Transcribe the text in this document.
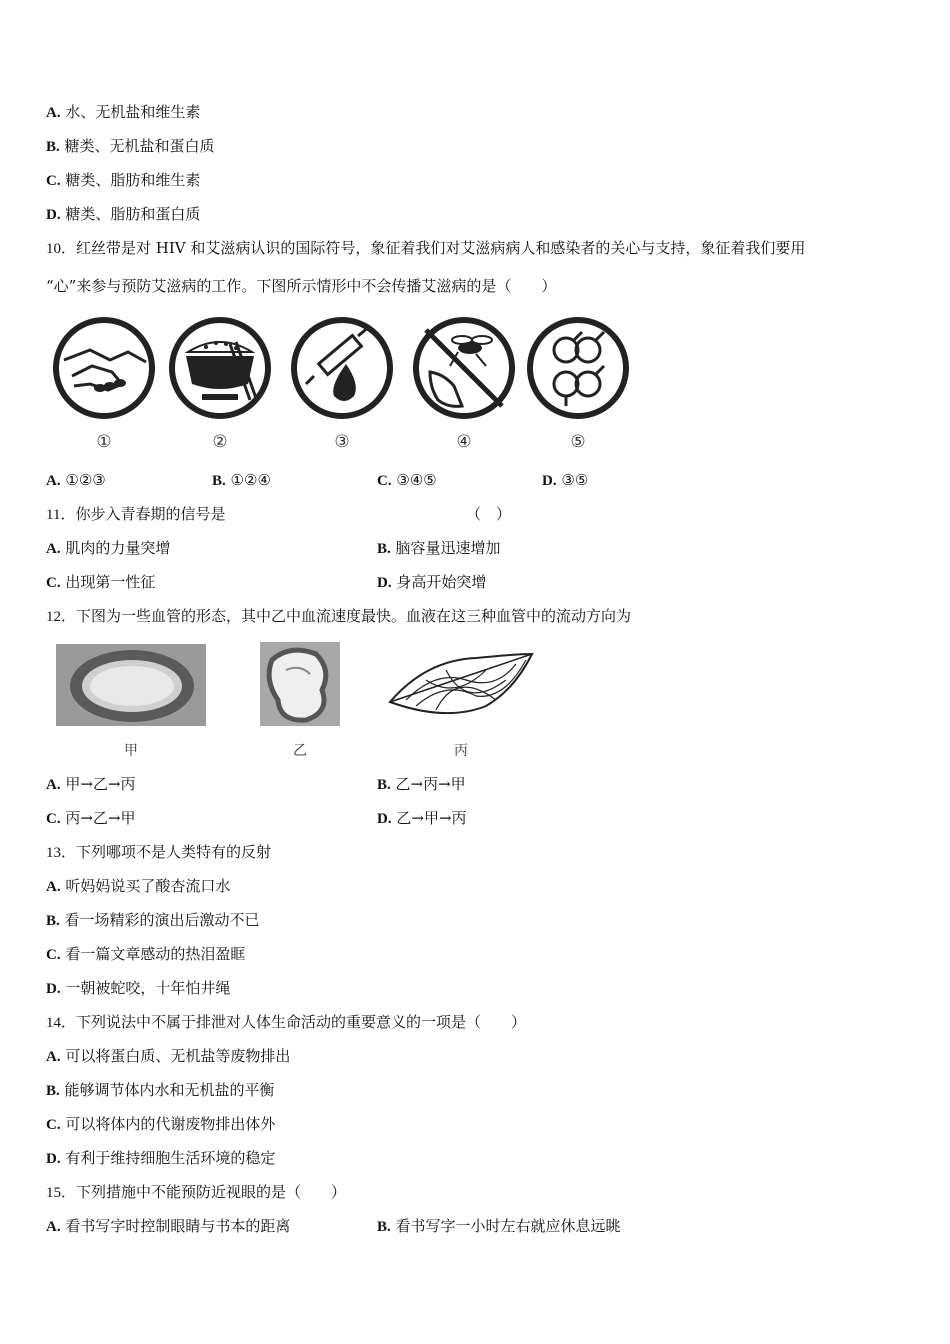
A. 水、无机盐和维生素
B. 糖类、无机盐和蛋白质
C. 糖类、脂肪和维生素
D. 糖类、脂肪和蛋白质
10．红丝带是对 HIV 和艾滋病认识的国际符号，象征着我们对艾滋病病人和感染者的关心与支持，象征着我们要用
“心”来参与预防艾滋病的工作。下图所示情形中不会传播艾滋病的是（　　）
①	②	③	④	⑤
A. ①②③	B. ①②④	C. ③④⑤	D. ③⑤
11．你步入青春期的信号是	（　）
A. 肌肉的力量突增	B. 脑容量迅速增加
C. 出现第一性征	D. 身高开始突增
12．下图为一些血管的形态，其中乙中血流速度最快。血液在这三种血管中的流动方向为
甲	乙	丙
A. 甲→乙→丙	B. 乙→丙→甲
C. 丙→乙→甲	D. 乙→甲→丙
13．下列哪项不是人类特有的反射
A. 听妈妈说买了酸杏流口水
B. 看一场精彩的演出后激动不已
C. 看一篇文章感动的热泪盈眶
D. 一朝被蛇咬，十年怕井绳
14．下列说法中不属于排泄对人体生命活动的重要意义的一项是（　　）
A. 可以将蛋白质、无机盐等废物排出
B. 能够调节体内水和无机盐的平衡
C. 可以将体内的代谢废物排出体外
D. 有利于维持细胞生活环境的稳定
15．下列措施中不能预防近视眼的是（　　）
A. 看书写字时控制眼睛与书本的距离	B. 看书写字一小时左右就应休息远眺
